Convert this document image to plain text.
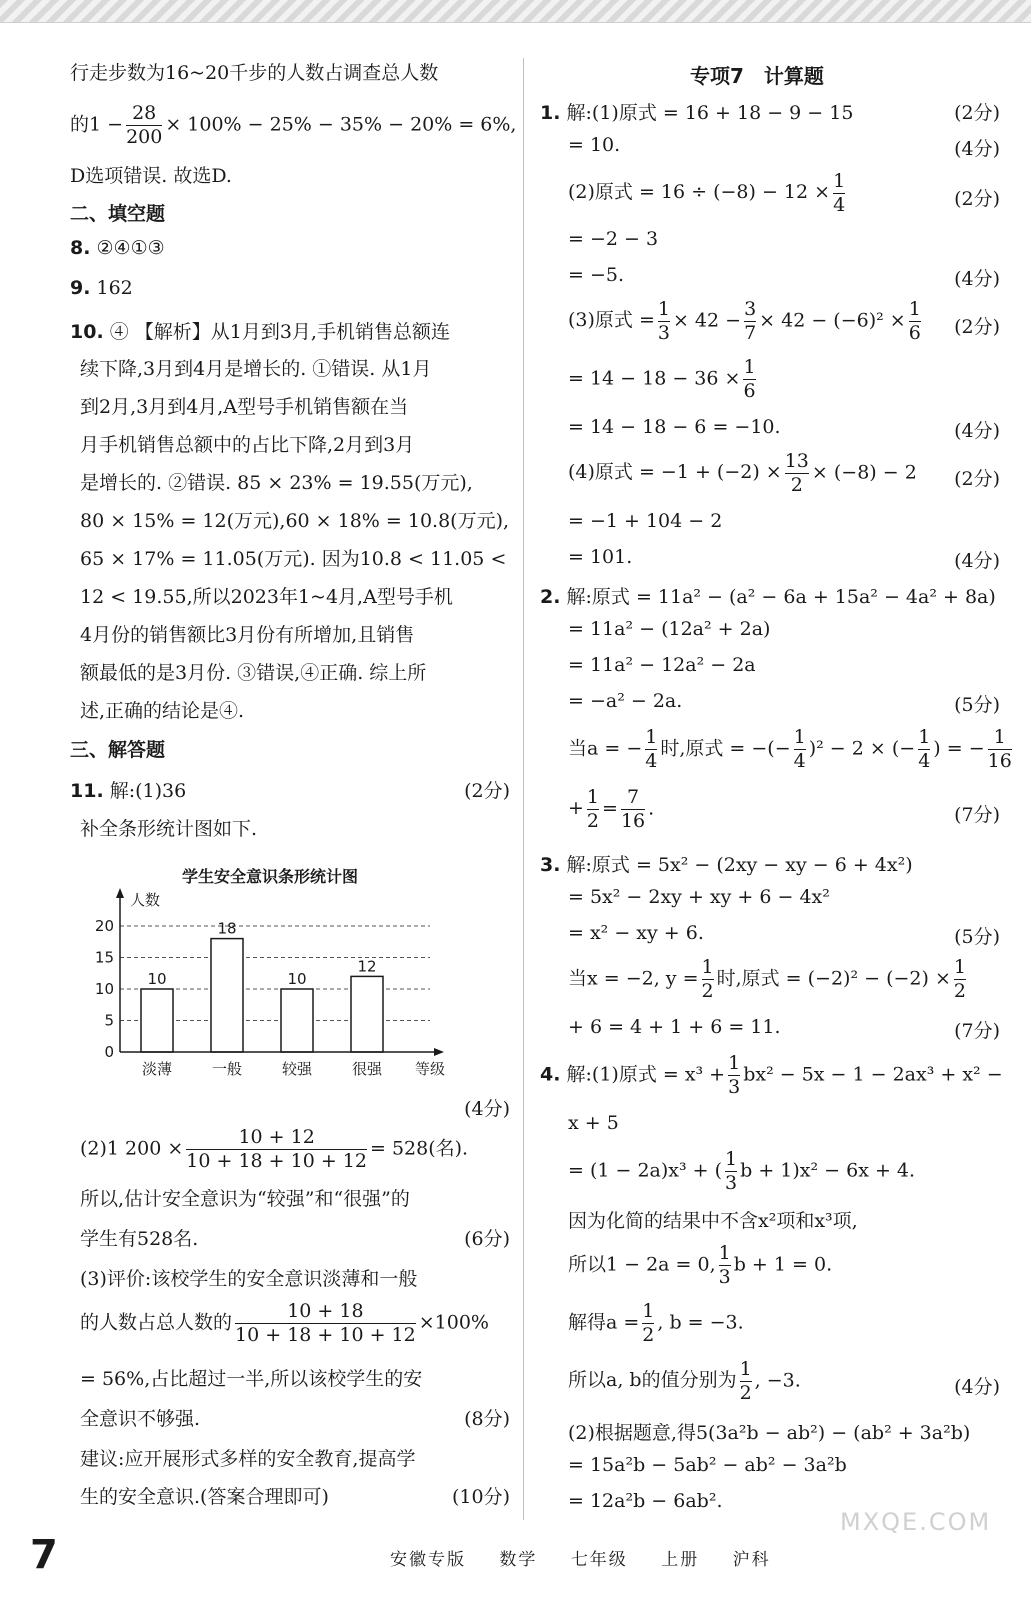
行走步数为16~20千步的人数占调查总人数
的$1 - \frac{28}{200} \times 100\% - 25\% - 35\% - 20\% = 6\%$,
D选项错误. 故选D.
二、填空题
8. ②④①③
9. 162
10. ④ 【解析】从1月到3月,手机销售总额连
续下降,3月到4月是增长的. ①错误. 从1月
到2月,3月到4月,A型号手机销售额在当
月手机销售总额中的占比下降,2月到3月
是增长的. ②错误. 85 × 23% = 19.55(万元),
80 × 15% = 12(万元),60 × 18% = 10.8(万元),
65 × 17% = 11.05(万元). 因为10.8 < 11.05 <
12 < 19.55,所以2023年1~4月,A型号手机
4月份的销售额比3月份有所增加,且销售
额最低的是3月份. ③错误,④正确. 综上所
述,正确的结论是④.
三、解答题
11. 解:(1)36	(2分)
补全条形统计图如下.
(4分)
(2)1 $200 \times \frac{10 + 12}{10 + 18 + 10 + 12} = 528$(名).
所以,估计安全意识为“较强”和“很强”的
学生有528名.	(6分)
(3)评价:该校学生的安全意识淡薄和一般
的人数占总人数的 $\frac{10 + 18}{10 + 18 + 10 + 12} \times 100\%$
= 56%,占比超过一半,所以该校学生的安
全意识不够强.	(8分)
建议:应开展形式多样的安全教育,提高学
生的安全意识.(答案合理即可)	(10分)
学生安全意识条形统计图
人数
等级
0
5
10
15
20
10
淡薄
18
一般
10
较强
12
很强
专项7　计算题
1. 解:(1)原式 = 16 + 18 − 9 − 15	(2分)
= 10.	(4分)
(2)原式 = $16 \div (-8) - 12 \times \frac{1}{4}$	(2分)
= −2 − 3
= −5.	(4分)
(3)原式 = $\frac{1}{3} \times 42 - \frac{3}{7} \times 42 - (-6)^2 \times \frac{1}{6} (2$分)
= $14 - 18 - 36 \times \frac{1}{6}$
= 14 − 18 − 6 = −10.	(4分)
(4)原式 = $-1 + (-2) \times \frac{13}{2} \times (-8) - 2$ (2分)
= −1 + 104 − 2
= 101.	(4分)
2. 解:原式 = 11a² − (a² − 6a + 15a² − 4a² + 8a)
= 11a² − (12a² + 2a)
= 11a² − 12a² − 2a
= −a² − 2a.	(5分)
当a = − $\frac{1}{4}$ 时,原式 = −(− $\frac{1}{4} )^2 - 2$ × (− $\frac{1}{4}$ ) = − $\frac{1}{16}$
+ $\frac{1}{2} = \frac{7}{16}$ .	(7分)
3. 解:原式 = 5x² − (2xy − xy − 6 + 4x²)
= 5x² − 2xy + xy + 6 − 4x²
= x² − xy + 6.	(5分)
当x = −2, $y = \frac{1}{2}$ 时,原式 = $(-2)^2 - (-2) \times \frac{1}{2}$
+ 6 = 4 + 1 + 6 = 11.	(7分)
4. 解:(1)原式 = $x^3 + \frac{1}{3} bx^2 - 5x - 1 - 2ax^3 + x^2$ −
x + 5
= (1 − 2a)x³ + ( $\frac{1}{3}$ b + 1)x² − 6x + 4.
因为化简的结果中不含x²项和x³项,
所以1 − 2a = 0, $\frac{1}{3}$ b + 1 = 0.
解得$a = \frac{1}{2}$ , b = −3.
所以a, b的值分别为 $\frac{1}{2}$ , −3.	(4分)
(2)根据题意,得5(3a²b − ab²) − (ab² + 3a²b)
= 15a²b − 5ab² − ab² − 3a²b
= 12a²b − 6ab².
7	安徽专版 数学 七年级 上册 沪科
MXQE.COM
